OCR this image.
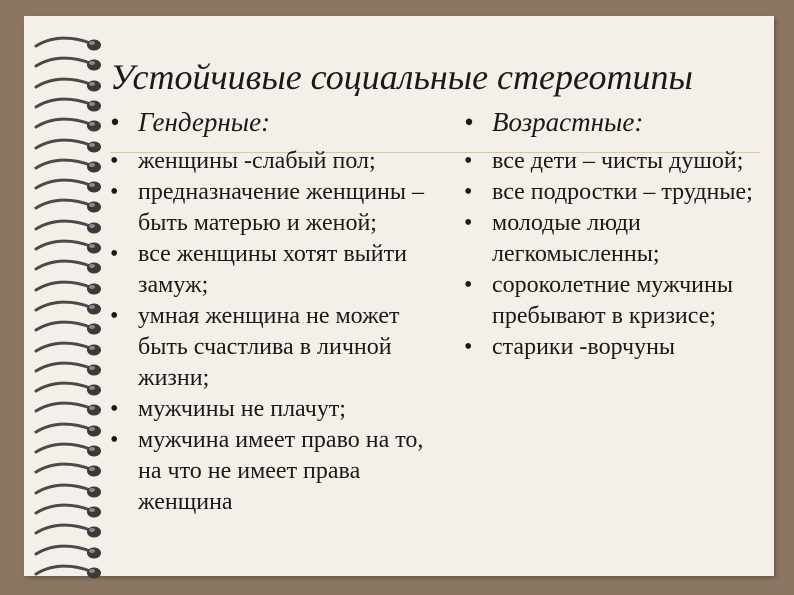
Устойчивые социальные стереотипы
• Гендерные:
• женщины -слабый пол;
• предназначение женщины – быть матерью и женой;
• все женщины хотят выйти замуж;
• умная женщина не может быть счастлива в личной жизни;
• мужчины не плачут;
• мужчина имеет право на то, на что не имеет права женщина
• Возрастные:
• все дети – чисты душой;
• все подростки – трудные;
• молодые люди легкомысленны;
• сороколетние мужчины пребывают в кризисе;
• старики -ворчуны
